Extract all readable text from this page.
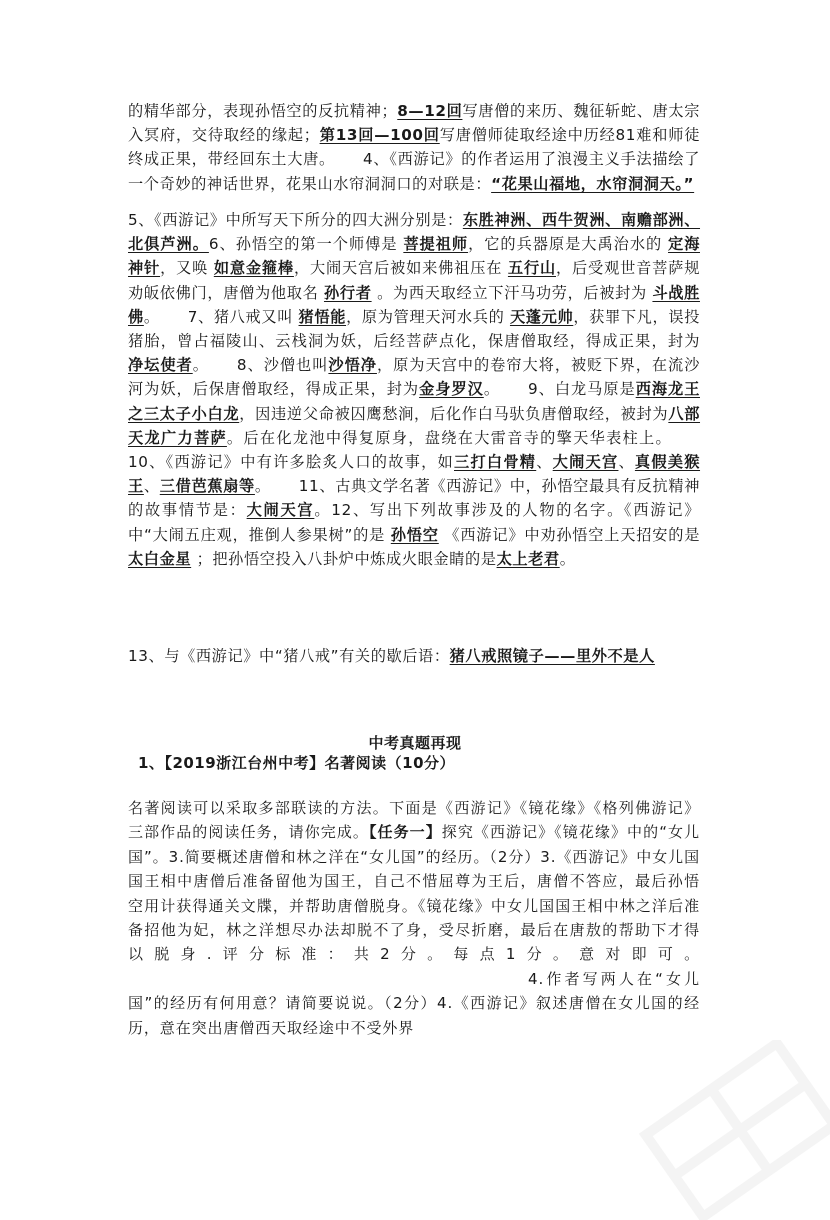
的精华部分，表现孙悟空的反抗精神；8—12回写唐僧的来历、魏征斩蛇、唐太宗入冥府，交待取经的缘起；第13回—100回写唐僧师徒取经途中历经81难和师徒终成正果，带经回东土大唐。 4、《西游记》的作者运用了浪漫主义手法描绘了一个奇妙的神话世界，花果山水帘洞洞口的对联是：“花果山福地，水帘洞洞天。”

5、《西游记》中所写天下所分的四大洲分别是：东胜神洲、西牛贺洲、南赡部洲、北俱芦洲。6、孙悟空的第一个师傅是 菩提祖师，它的兵器原是大禹治水的 定海神针，又唤 如意金箍棒，大闹天宫后被如来佛祖压在 五行山，后受观世音菩萨规劝皈依佛门，唐僧为他取名 孙行者 。为西天取经立下汗马功劳，后被封为 斗战胜佛。 7、猪八戒又叫 猪悟能，原为管理天河水兵的 天蓬元帅，获罪下凡，误投猪胎，曾占福陵山、云栈洞为妖，后经菩萨点化，保唐僧取经，得成正果，封为 净坛使者。 8、沙僧也叫沙悟净，原为天宫中的卷帘大将，被贬下界，在流沙河为妖，后保唐僧取经，得成正果，封为金身罗汉。 9、白龙马原是西海龙王之三太子小白龙，因违逆父命被囚鹰愁涧，后化作白马驮负唐僧取经，被封为八部天龙广力菩萨。后在化龙池中得复原身，盘绕在大雷音寺的擎天华表柱上。10、《西游记》中有许多脍炙人口的故事，如三打白骨精、大闹天宫、真假美猴王、三借芭蕉扇等。 11、古典文学名著《西游记》中，孙悟空最具有反抗精神的故事情节是：大闹天宫。12、写出下列故事涉及的人物的名字。《西游记》中“大闹五庄观，推倒人参果树”的是 孙悟空 《西游记》中劝孙悟空上天招安的是 太白金星 ；把孙悟空投入八卦炉中炼成火眼金睛的是太上老君。

13、与《西游记》中“猪八戒”有关的歇后语：猪八戒照镜子——里外不是人

中考真题再现
1、【2019浙江台州中考】名著阅读（10分）

名著阅读可以采取多部联读的方法。下面是《西游记》《镜花缘》《格列佛游记》三部作品的阅读任务，请你完成。【任务一】探究《西游记》《镜花缘》中的“女儿国”。3.简要概述唐僧和林之洋在“女儿国”的经历。（2分）3.《西游记》中女儿国国王相中唐僧后准备留他为国王，自己不惜屈尊为王后，唐僧不答应，最后孙悟空用计获得通关文牒，并帮助唐僧脱身。《镜花缘》中女儿国国王相中林之洋后准备招他为妃，林之洋想尽办法却脱不了身，受尽折磨，最后在唐敖的帮助下才得以脱身.评分标准：共2分。每点1分。意对即可。4.作者写两人在“女儿国”的经历有何用意？请简要说说。（2分）4.《西游记》叙述唐僧在女儿国的经历，意在突出唐僧西天取经途中不受外界
